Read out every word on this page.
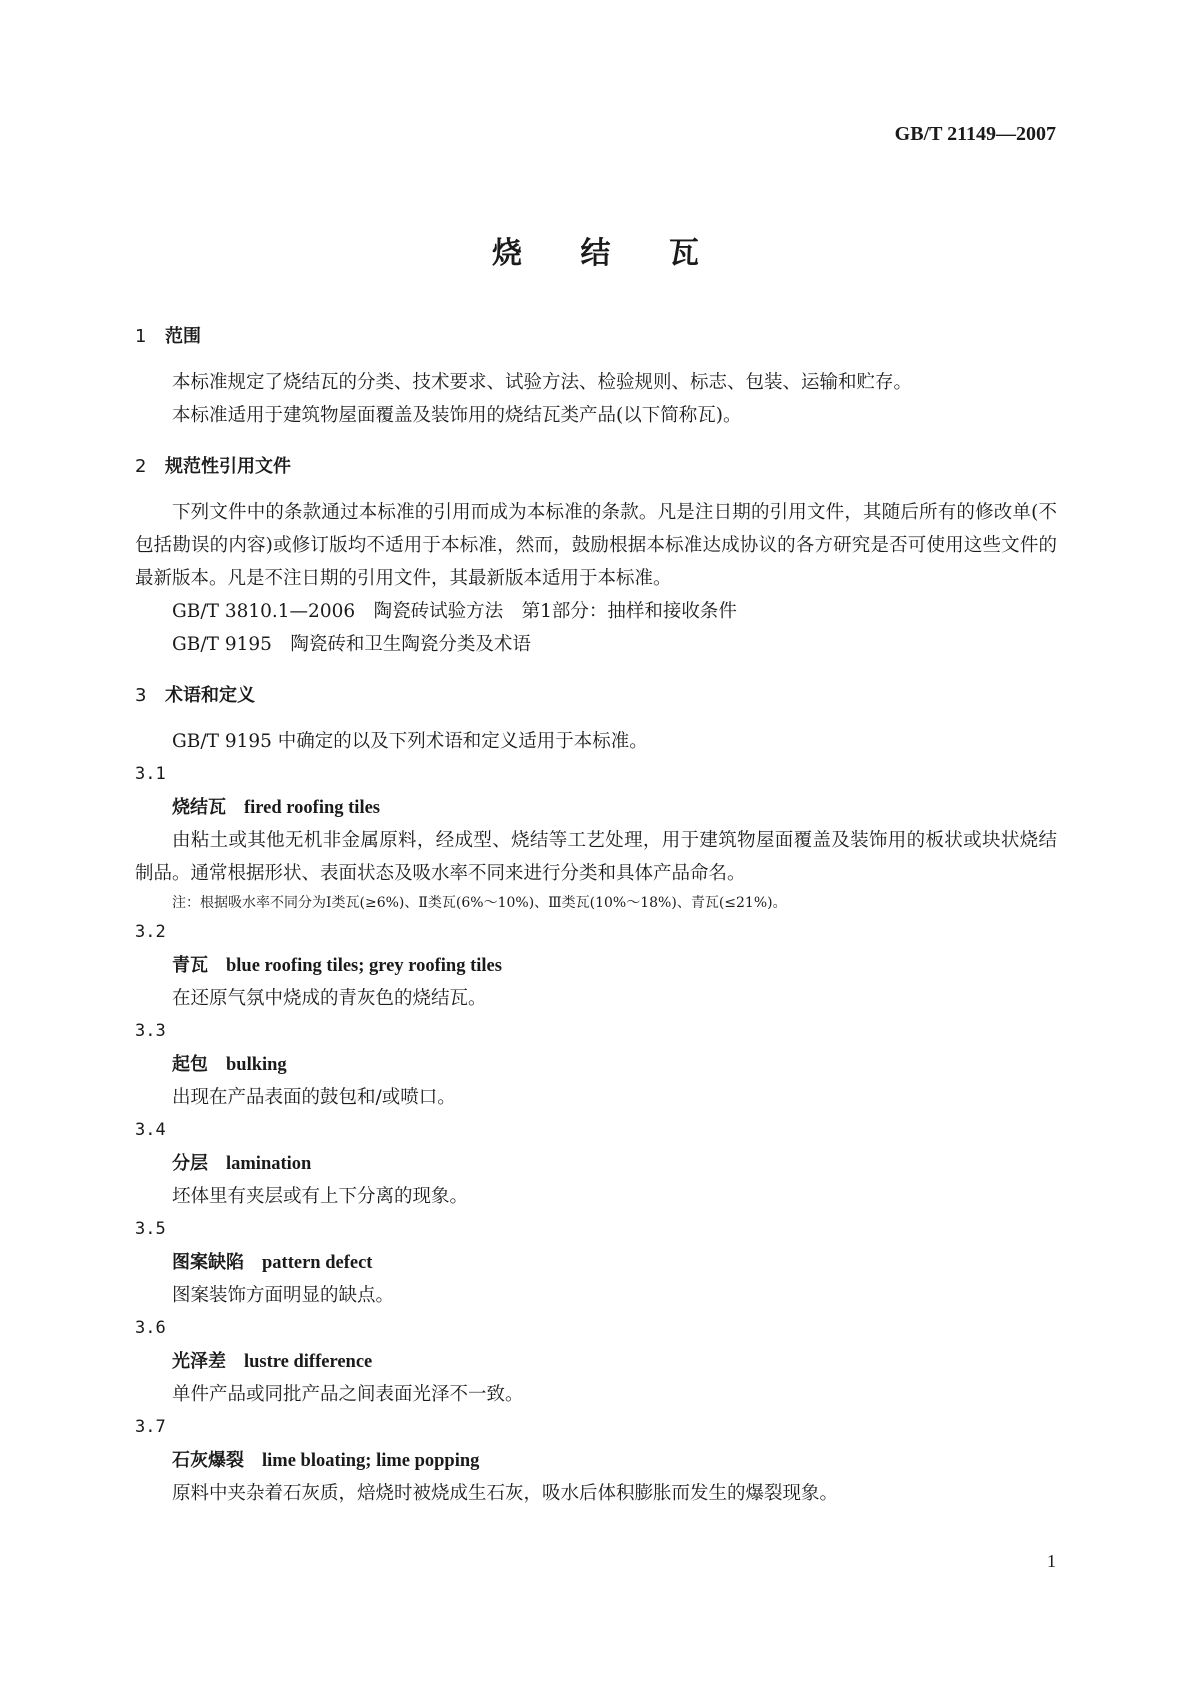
GB/T 21149—2007
烧 结 瓦
1 范围

本标准规定了烧结瓦的分类、技术要求、试验方法、检验规则、标志、包装、运输和贮存。

本标准适用于建筑物屋面覆盖及装饰用的烧结瓦类产品(以下简称瓦)。

2 规范性引用文件

下列文件中的条款通过本标准的引用而成为本标准的条款。凡是注日期的引用文件，其随后所有的修改单(不包括勘误的内容)或修订版均不适用于本标准，然而，鼓励根据本标准达成协议的各方研究是否可使用这些文件的最新版本。凡是不注日期的引用文件，其最新版本适用于本标准。

GB/T 3810.1—2006　陶瓷砖试验方法　第1部分：抽样和接收条件

GB/T 9195　陶瓷砖和卫生陶瓷分类及术语

3 术语和定义

GB/T 9195 中确定的以及下列术语和定义适用于本标准。

3.1
烧结瓦 fired roofing tiles

由粘土或其他无机非金属原料，经成型、烧结等工艺处理，用于建筑物屋面覆盖及装饰用的板状或块状烧结制品。通常根据形状、表面状态及吸水率不同来进行分类和具体产品命名。

注：根据吸水率不同分为Ⅰ类瓦(≥6%)、Ⅱ类瓦(6%～10%)、Ⅲ类瓦(10%～18%)、青瓦(≤21%)。

3.2
青瓦 blue roofing tiles; grey roofing tiles

在还原气氛中烧成的青灰色的烧结瓦。

3.3
起包 bulking

出现在产品表面的鼓包和/或喷口。

3.4
分层 lamination

坯体里有夹层或有上下分离的现象。

3.5
图案缺陷 pattern defect

图案装饰方面明显的缺点。

3.6
光泽差 lustre difference

单件产品或同批产品之间表面光泽不一致。

3.7
石灰爆裂 lime bloating; lime popping

原料中夹杂着石灰质，焙烧时被烧成生石灰，吸水后体积膨胀而发生的爆裂现象。

1
